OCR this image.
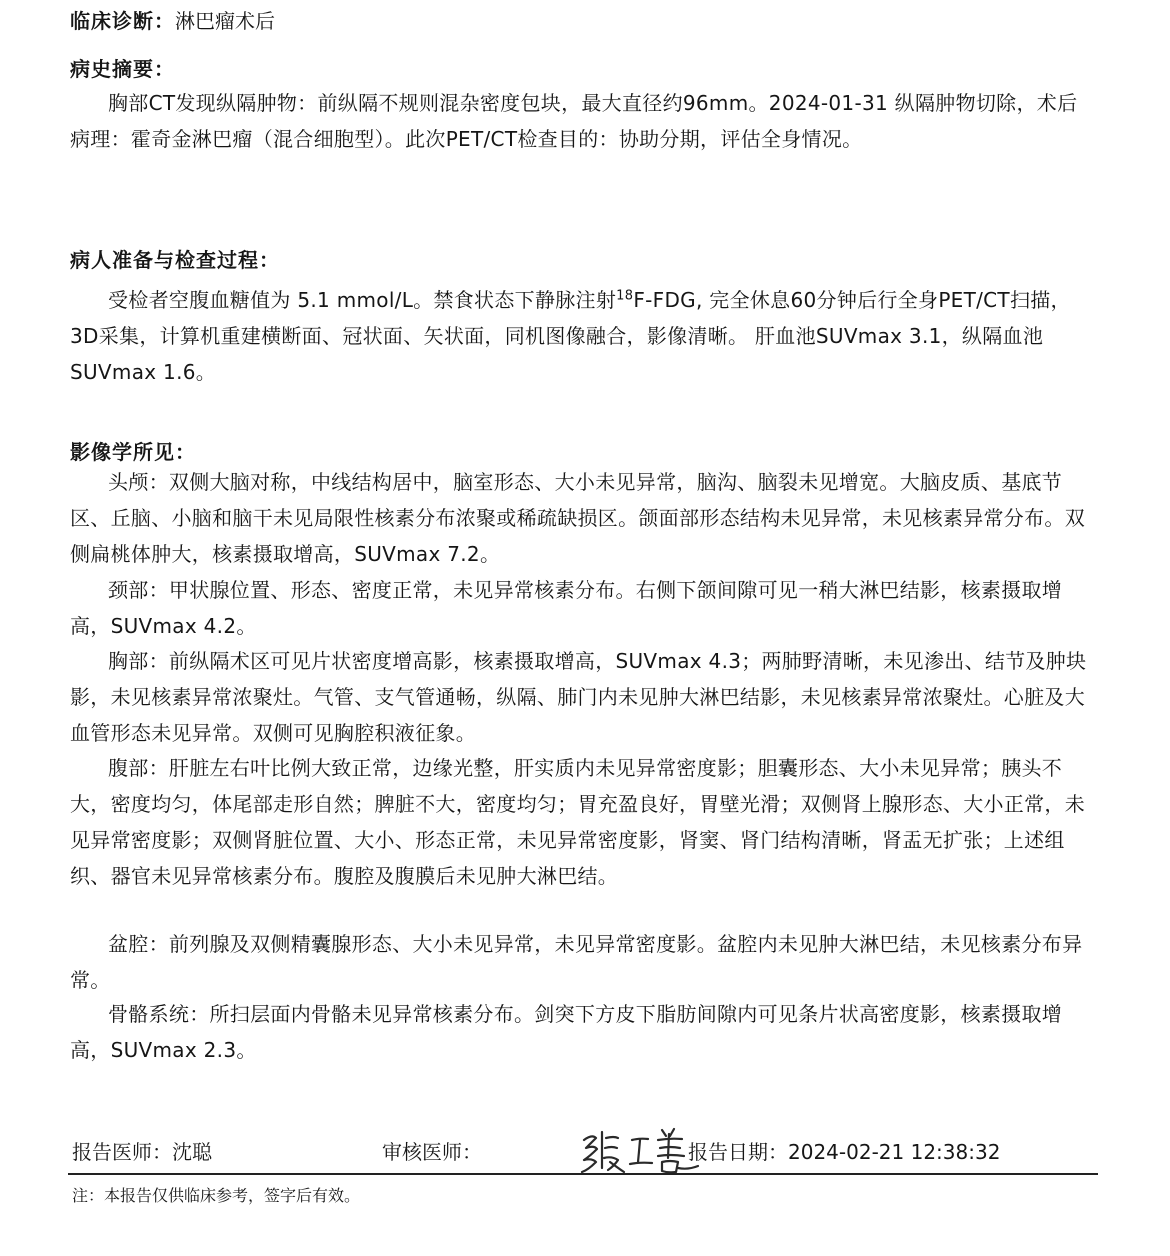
临床诊断：淋巴瘤术后
病史摘要：
胸部CT发现纵隔肿物：前纵隔不规则混杂密度包块，最大直径约96mm。2024-01-31 纵隔肿物切除，术后病理：霍奇金淋巴瘤（混合细胞型）。此次PET/CT检查目的：协助分期，评估全身情况。
病人准备与检查过程：
受检者空腹血糖值为 5.1 mmol/L。禁食状态下静脉注射$^{18}$F-FDG, 完全休息60分钟后行全身PET/CT扫描，3D采集，计算机重建横断面、冠状面、矢状面，同机图像融合，影像清晰。 肝血池SUVmax 3.1，纵隔血池SUVmax 1.6。
影像学所见：
头颅：双侧大脑对称，中线结构居中，脑室形态、大小未见异常，脑沟、脑裂未见增宽。大脑皮质、基底节区、丘脑、小脑和脑干未见局限性核素分布浓聚或稀疏缺损区。颌面部形态结构未见异常，未见核素异常分布。双侧扁桃体肿大，核素摄取增高，SUVmax 7.2。
颈部：甲状腺位置、形态、密度正常，未见异常核素分布。右侧下颌间隙可见一稍大淋巴结影，核素摄取增高，SUVmax 4.2。
胸部：前纵隔术区可见片状密度增高影，核素摄取增高，SUVmax 4.3；两肺野清晰，未见渗出、结节及肿块影，未见核素异常浓聚灶。气管、支气管通畅，纵隔、肺门内未见肿大淋巴结影，未见核素异常浓聚灶。心脏及大血管形态未见异常。双侧可见胸腔积液征象。
腹部：肝脏左右叶比例大致正常，边缘光整，肝实质内未见异常密度影；胆囊形态、大小未见异常；胰头不大，密度均匀，体尾部走形自然；脾脏不大，密度均匀；胃充盈良好，胃壁光滑；双侧肾上腺形态、大小正常，未见异常密度影；双侧肾脏位置、大小、形态正常，未见异常密度影，肾窦、肾门结构清晰，肾盂无扩张；上述组织、器官未见异常核素分布。腹腔及腹膜后未见肿大淋巴结。
盆腔：前列腺及双侧精囊腺形态、大小未见异常，未见异常密度影。盆腔内未见肿大淋巴结，未见核素分布异常。
骨骼系统：所扫层面内骨骼未见异常核素分布。剑突下方皮下脂肪间隙内可见条片状高密度影，核素摄取增高，SUVmax 2.3。
报告医师：沈聪	审核医师：	报告日期：2024-02-21 12:38:32
注：本报告仅供临床参考，签字后有效。
